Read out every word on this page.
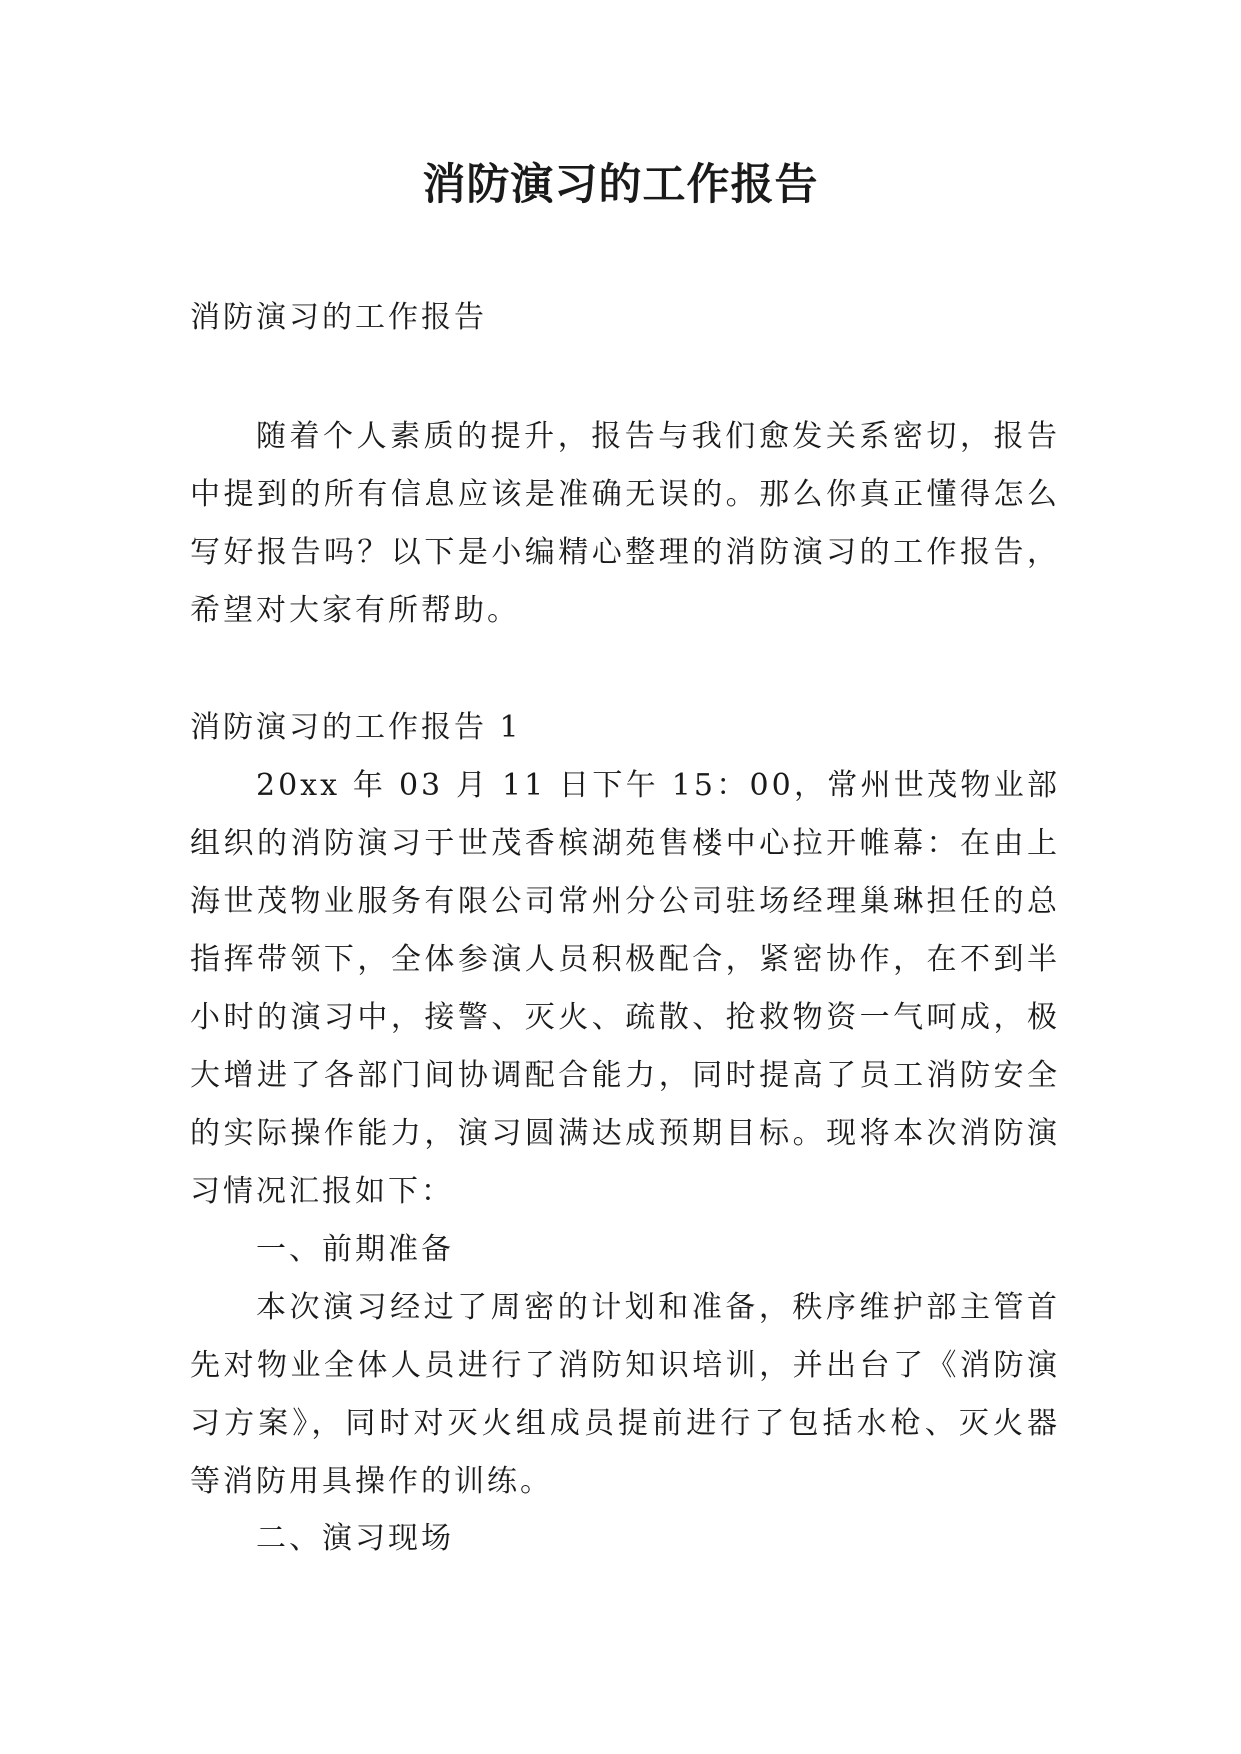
消防演习的工作报告

消防演习的工作报告

随着个人素质的提升，报告与我们愈发关系密切，报告中提到的所有信息应该是准确无误的。那么你真正懂得怎么写好报告吗？以下是小编精心整理的消防演习的工作报告，希望对大家有所帮助。

消防演习的工作报告 1

20xx 年 03 月 11 日下午 15：00，常州世茂物业部组织的消防演习于世茂香槟湖苑售楼中心拉开帷幕：在由上海世茂物业服务有限公司常州分公司驻场经理巢琳担任的总指挥带领下，全体参演人员积极配合，紧密协作，在不到半小时的演习中，接警、灭火、疏散、抢救物资一气呵成，极大增进了各部门间协调配合能力，同时提高了员工消防安全的实际操作能力，演习圆满达成预期目标。现将本次消防演习情况汇报如下：

一、前期准备

本次演习经过了周密的计划和准备，秩序维护部主管首先对物业全体人员进行了消防知识培训，并出台了《消防演习方案》，同时对灭火组成员提前进行了包括水枪、灭火器等消防用具操作的训练。

二、演习现场
